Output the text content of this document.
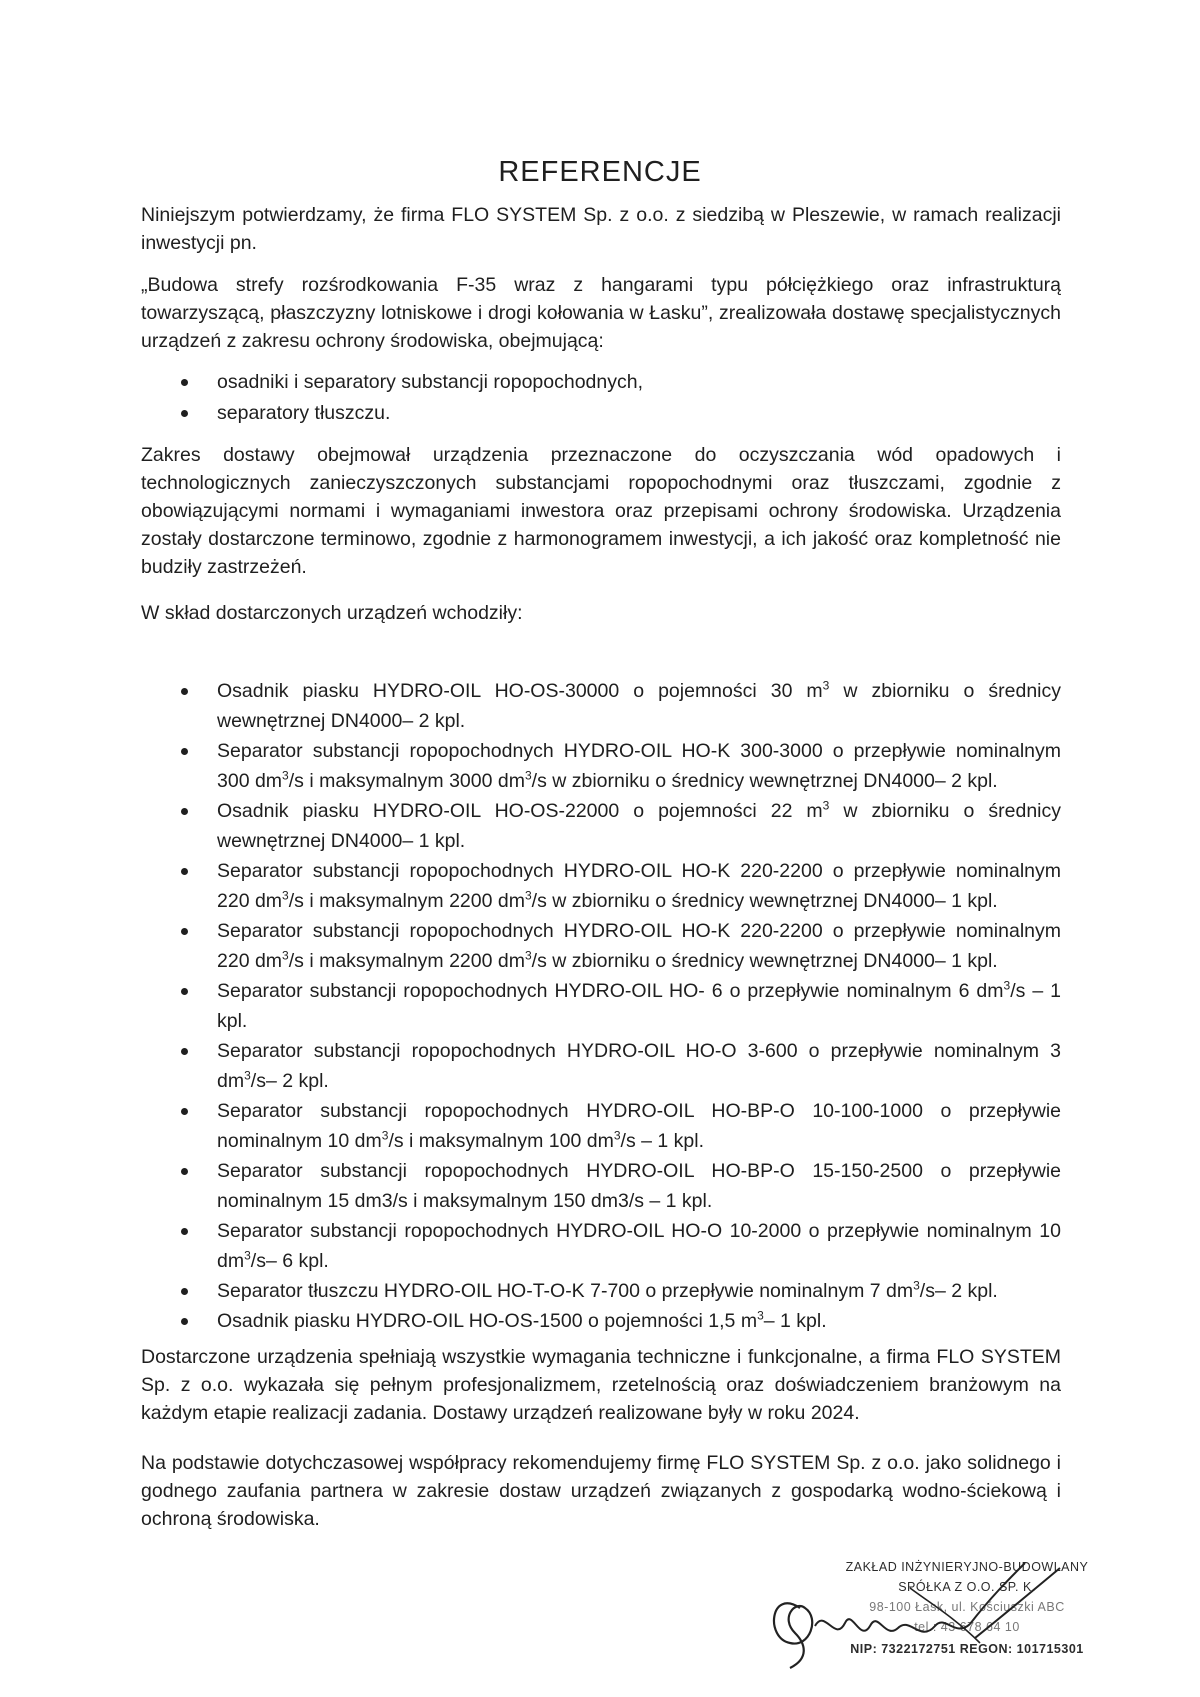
REFERENCJE
Niniejszym potwierdzamy, że firma FLO SYSTEM Sp. z o.o. z siedzibą w Pleszewie, w ramach realizacji inwestycji pn.
„Budowa strefy rozśrodkowania F-35 wraz z hangarami typu półciężkiego oraz infrastrukturą towarzyszącą, płaszczyzny lotniskowe i drogi kołowania w Łasku”, zrealizowała dostawę specjalistycznych urządzeń z zakresu ochrony środowiska, obejmującą:
osadniki i separatory substancji ropopochodnych,
separatory tłuszczu.
Zakres dostawy obejmował urządzenia przeznaczone do oczyszczania wód opadowych i technologicznych zanieczyszczonych substancjami ropopochodnymi oraz tłuszczami, zgodnie z obowiązującymi normami i wymaganiami inwestora oraz przepisami ochrony środowiska. Urządzenia zostały dostarczone terminowo, zgodnie z harmonogramem inwestycji, a ich jakość oraz kompletność nie budziły zastrzeżeń.
W skład dostarczonych urządzeń wchodziły:
Osadnik piasku HYDRO-OIL HO-OS-30000 o pojemności 30 $m^3$ w zbiorniku o średnicy wewnętrznej DN4000– 2 kpl.
Separator substancji ropopochodnych HYDRO-OIL HO-K 300-3000 o przepływie nominalnym 300 $dm^3/s$ i maksymalnym 3000 $dm^3/s$ w zbiorniku o średnicy wewnętrznej DN4000– 2 kpl.
Osadnik piasku HYDRO-OIL HO-OS-22000 o pojemności 22 $m^3$ w zbiorniku o średnicy wewnętrznej DN4000– 1 kpl.
Separator substancji ropopochodnych HYDRO-OIL HO-K 220-2200 o przepływie nominalnym 220 $dm^3/s$ i maksymalnym 2200 $dm^3/s$ w zbiorniku o średnicy wewnętrznej DN4000– 1 kpl.
Separator substancji ropopochodnych HYDRO-OIL HO-K 220-2200 o przepływie nominalnym 220 $dm^3/s$ i maksymalnym 2200 $dm^3/s$ w zbiorniku o średnicy wewnętrznej DN4000– 1 kpl.
Separator substancji ropopochodnych HYDRO-OIL HO- 6 o przepływie nominalnym 6 $dm^3/s - 1$ kpl.
Separator substancji ropopochodnych HYDRO-OIL HO-O 3-600 o przepływie nominalnym 3 $dm^3/s-$ 2 kpl.
Separator substancji ropopochodnych HYDRO-OIL HO-BP-O 10-100-1000 o przepływie nominalnym 10 $dm^3/s$ i maksymalnym 100 $dm^3/s - 1$ kpl.
Separator substancji ropopochodnych HYDRO-OIL HO-BP-O 15-150-2500 o przepływie nominalnym 15 dm3/s i maksymalnym 150 dm3/s – 1 kpl.
Separator substancji ropopochodnych HYDRO-OIL HO-O 10-2000 o przepływie nominalnym 10 $dm^3/s-$ 6 kpl.
Separator tłuszczu HYDRO-OIL HO-T-O-K 7-700 o przepływie nominalnym 7 $dm^3/s-$ 2 kpl.
Osadnik piasku HYDRO-OIL HO-OS-1500 o pojemności 1,5 $m^3-$ 1 kpl.
Dostarczone urządzenia spełniają wszystkie wymagania techniczne i funkcjonalne, a firma FLO SYSTEM Sp. z o.o. wykazała się pełnym profesjonalizmem, rzetelnością oraz doświadczeniem branżowym na każdym etapie realizacji zadania. Dostawy urządzeń realizowane były w roku 2024.
Na podstawie dotychczasowej współpracy rekomendujemy firmę FLO SYSTEM Sp. z o.o. jako solidnego i godnego zaufania partnera w zakresie dostaw urządzeń związanych z gospodarką wodno-ściekową i ochroną środowiska.
ZAKŁAD INŻYNIERYJNO-BUDOWLANY
SPÓŁKA Z O.O. SP. K.
98-100 Łask, ul. Kościuszki ABC
tel.: 43 678 64 10
NIP: 7322172751 REGON: 101715301
